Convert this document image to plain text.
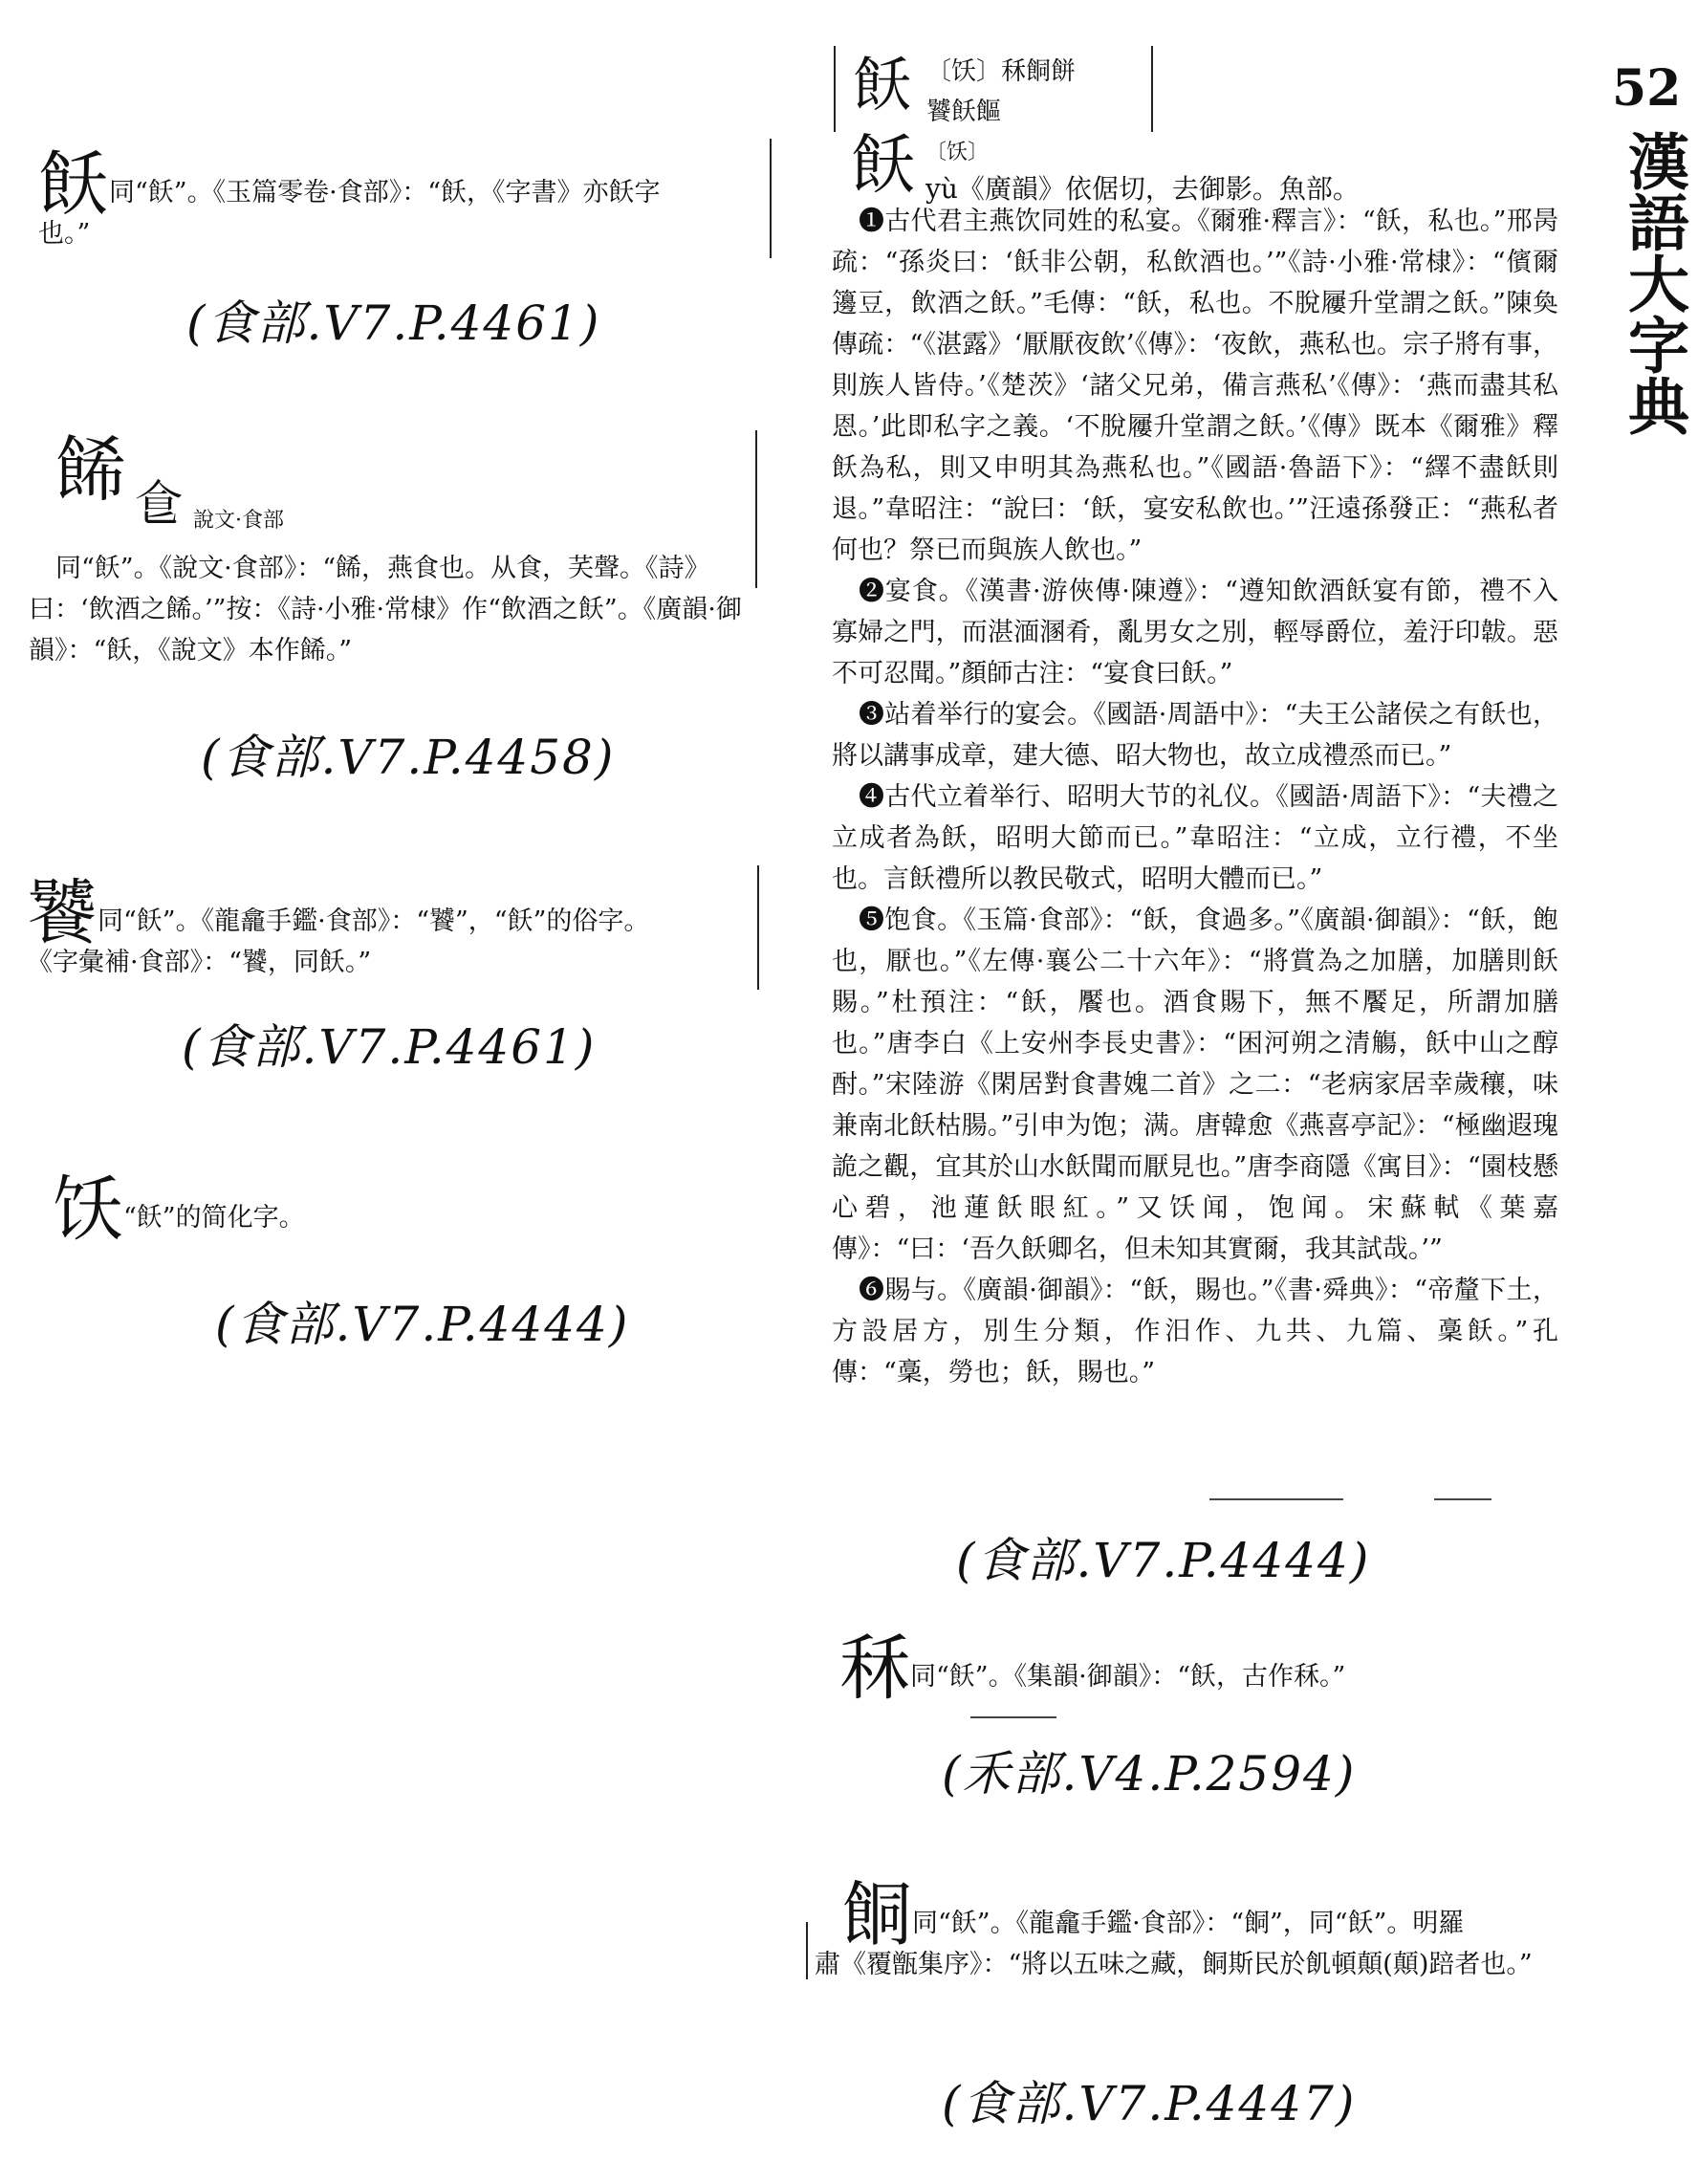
52
漢語大字典
飫同“飫”。《玉篇零卷·食部》：“飫，《字書》亦飫字
也。”
(食部.V7.P.4461)
餙 𩚁 說文·食部
同“飫”。《說文·食部》：“餙，燕食也。从食，芺聲。《詩》
曰：‘飲酒之餙。’”按：《詩·小雅·常棣》作“飲酒之飫”。《廣韻·御韻》：“飫，《說文》本作餙。”
(食部.V7.P.4458)
饕同“飫”。《龍龕手鑑·食部》：“饕”，“飫”的俗字。
《字彙補·食部》：“饕，同飫。”
(食部.V7.P.4461)
饫“飫”的简化字。
(食部.V7.P.4444)
飫 〔饫〕秝餇餅
饕飫饇
飫 〔饫〕
yù《廣韻》依倨切，去御影。魚部。

❶古代君主燕饮同姓的私宴。《爾雅·釋言》：“飫，私也。”邢昺疏：“孫炎曰：‘飫非公朝，私飲酒也。’”《詩·小雅·常棣》：“儐爾籩豆，飲酒之飫。”毛傳：“飫，私也。不脫屨升堂謂之飫。”陳奐傳疏：“《湛露》‘厭厭夜飲’《傳》：‘夜飲，燕私也。宗子將有事，則族人皆侍。’《楚茨》‘諸父兄弟，備言燕私’《傳》：‘燕而盡其私恩。’此即私字之義。‘不脫屨升堂謂之飫。’《傳》既本《爾雅》釋飫為私，則又申明其為燕私也。”《國語·魯語下》：“繹不盡飫則退。”韋昭注：“說曰：‘飫，宴安私飲也。’”汪遠孫發正：“燕私者何也？祭已而與族人飲也。”

❷宴食。《漢書·游俠傳·陳遵》：“遵知飲酒飫宴有節，禮不入寡婦之門，而湛湎溷肴，亂男女之別，輕辱爵位，羞汙印韍。惡不可忍聞。”顏師古注：“宴食曰飫。”

❸站着举行的宴会。《國語·周語中》：“夫王公諸侯之有飫也，將以講事成章，建大德、昭大物也，故立成禮烝而已。”

❹古代立着举行、昭明大节的礼仪。《國語·周語下》：“夫禮之立成者為飫，昭明大節而已。”韋昭注：“立成，立行禮，不坐也。言飫禮所以教民敬式，昭明大體而已。”

❺饱食。《玉篇·食部》：“飫，食過多。”《廣韻·御韻》：“飫，飽也，厭也。”《左傳·襄公二十六年》：“將賞為之加膳，加膳則飫賜。”杜預注：“飫，饜也。酒食賜下，無不饜足，所謂加膳也。”唐李白《上安州李長史書》：“困河朔之清觴，飫中山之醇酎。”宋陸游《閑居對食書媿二首》之二：“老病家居幸歲穰，味兼南北飫枯腸。”引申为饱；满。唐韓愈《燕喜亭記》：“極幽遐瑰詭之觀，宜其於山水飫聞而厭見也。”唐李商隱《寓目》：“園枝懸心碧，池蓮飫眼紅。”又饫闻，饱闻。宋蘇軾《葉嘉傳》：“曰：‘吾久飫卿名，但未知其實爾，我其試哉。’”

❻賜与。《廣韻·御韻》：“飫，賜也。”《書·舜典》：“帝釐下土，方設居方，別生分類，作汨作、九共、九篇、稾飫。”孔傳：“稾，勞也；飫，賜也。”

(食部.V7.P.4444)
秝同“飫”。《集韻·御韻》：“飫，古作秝。”
(禾部.V4.P.2594)
餇同“飫”。《龍龕手鑑·食部》：“餇”，同“飫”。明羅
肅《覆甑集序》：“將以五味之藏，餇斯民於飢頓顛(顛)踣者也。”
(食部.V7.P.4447)
